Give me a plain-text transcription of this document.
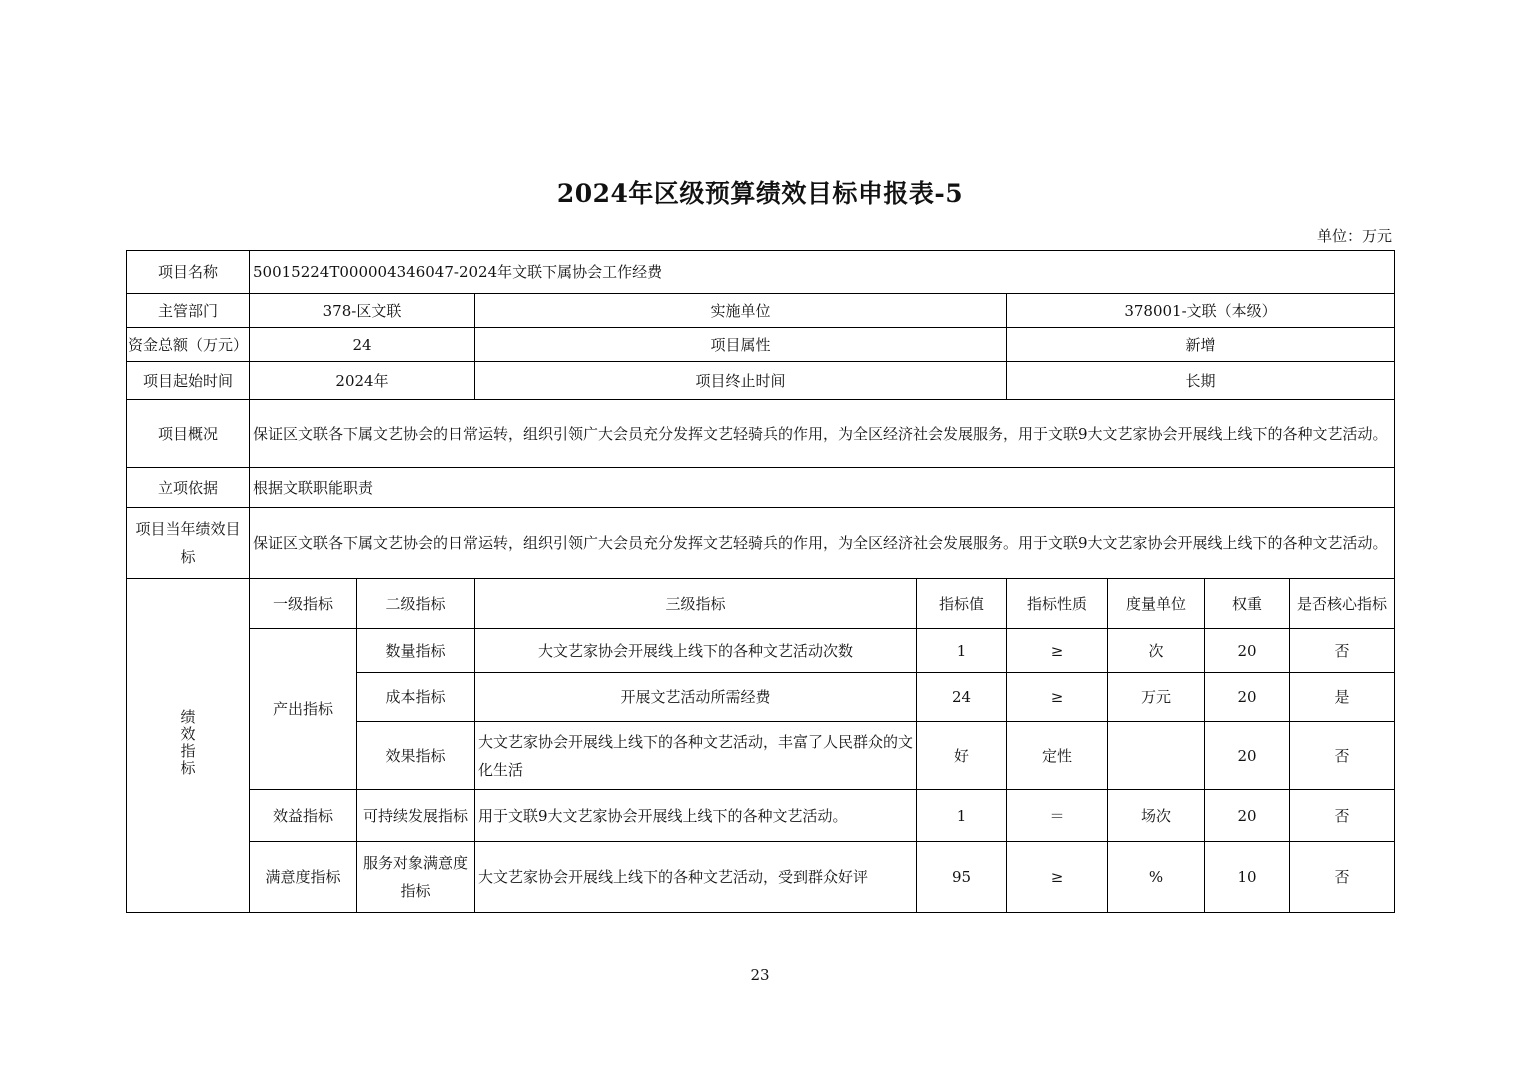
2024年区级预算绩效目标申报表-5
单位：万元
项目名称	50015224T000004346047-2024年文联下属协会工作经费							
主管部门	378-区文联		实施单位		378001-文联（本级）			
资金总额（万元）	24		项目属性		新增			
项目起始时间	2024年		项目终止时间		长期			
项目概况	保证区文联各下属文艺协会的日常运转，组织引领广大会员充分发挥文艺轻骑兵的作用，为全区经济社会发展服务，用于文联9大文艺家协会开展线上线下的各种文艺活动。							
立项依据	根据文联职能职责							
项目当年绩效目标	保证区文联各下属文艺协会的日常运转，组织引领广大会员充分发挥文艺轻骑兵的作用，为全区经济社会发展服务。用于文联9大文艺家协会开展线上线下的各种文艺活动。							
绩效指标	一级指标	二级指标	三级指标	指标值	指标性质	度量单位	权重	是否核心指标
	产出指标	数量指标	大文艺家协会开展线上线下的各种文艺活动次数	1	≥	次	20	否
		成本指标	开展文艺活动所需经费	24	≥	万元	20	是
		效果指标	大文艺家协会开展线上线下的各种文艺活动，丰富了人民群众的文化生活	好	定性		20	否
	效益指标	可持续发展指标	用于文联9大文艺家协会开展线上线下的各种文艺活动。	1	＝	场次	20	否
	满意度指标	服务对象满意度指标	大文艺家协会开展线上线下的各种文艺活动，受到群众好评	95	≥	%	10	否
23
